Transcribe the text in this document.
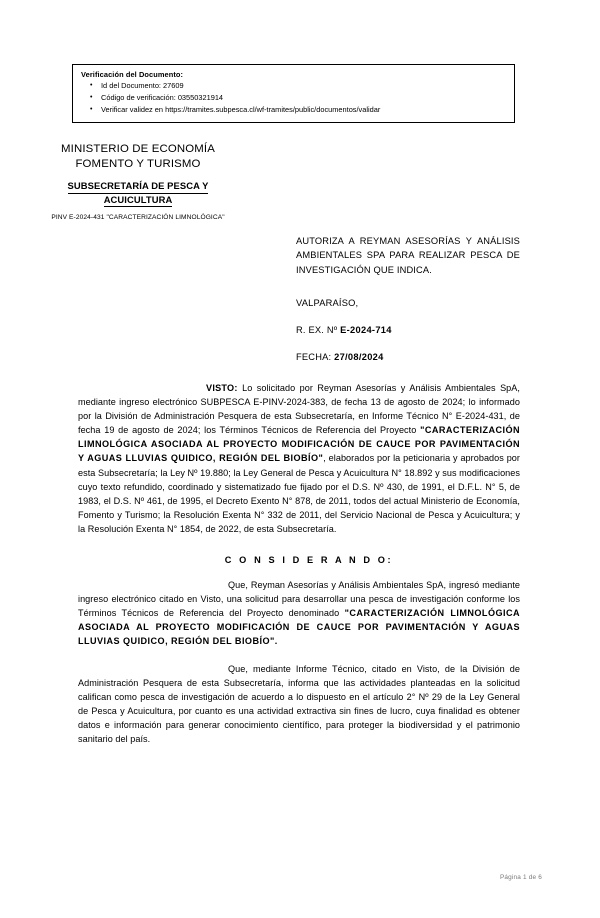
Verificación del Documento:
• Id del Documento: 27609
• Código de verificación: 03550321914
• Verificar validez en https://tramites.subpesca.cl/wf-tramites/public/documentos/validar
MINISTERIO DE ECONOMÍA
FOMENTO Y TURISMO
SUBSECRETARÍA DE PESCA Y
ACUICULTURA
PINV E-2024-431 "CARACTERIZACIÓN LIMNOLÓGICA"
AUTORIZA A REYMAN ASESORÍAS Y ANÁLISIS AMBIENTALES SPA PARA REALIZAR PESCA DE INVESTIGACIÓN QUE INDICA.
VALPARAÍSO,
R. EX. Nº E-2024-714
FECHA: 27/08/2024

VISTO: Lo solicitado por Reyman Asesorías y Análisis Ambientales SpA, mediante ingreso electrónico SUBPESCA E-PINV-2024-383, de fecha 13 de agosto de 2024; lo informado por la División de Administración Pesquera de esta Subsecretaría, en Informe Técnico N° E-2024-431, de fecha 19 de agosto de 2024; los Términos Técnicos de Referencia del Proyecto "CARACTERIZACIÓN LIMNOLÓGICA ASOCIADA AL PROYECTO MODIFICACIÓN DE CAUCE POR PAVIMENTACIÓN Y AGUAS LLUVIAS QUIDICO, REGIÓN DEL BIOBÍO", elaborados por la peticionaria y aprobados por esta Subsecretaría; la Ley Nº 19.880; la Ley General de Pesca y Acuicultura N° 18.892 y sus modificaciones cuyo texto refundido, coordinado y sistematizado fue fijado por el D.S. Nº 430, de 1991, el D.F.L. N° 5, de 1983, el D.S. Nº 461, de 1995, el Decreto Exento N° 878, de 2011, todos del actual Ministerio de Economía, Fomento y Turismo; la Resolución Exenta N° 332 de 2011, del Servicio Nacional de Pesca y Acuicultura; y la Resolución Exenta N° 1854, de 2022, de esta Subsecretaría.

C O N S I D E R A N D O:

Que, Reyman Asesorías y Análisis Ambientales SpA, ingresó mediante ingreso electrónico citado en Visto, una solicitud para desarrollar una pesca de investigación conforme los Términos Técnicos de Referencia del Proyecto denominado "CARACTERIZACIÓN LIMNOLÓGICA ASOCIADA AL PROYECTO MODIFICACIÓN DE CAUCE POR PAVIMENTACIÓN Y AGUAS LLUVIAS QUIDICO, REGIÓN DEL BIOBÍO".

Que, mediante Informe Técnico, citado en Visto, de la División de Administración Pesquera de esta Subsecretaría, informa que las actividades planteadas en la solicitud califican como pesca de investigación de acuerdo a lo dispuesto en el artículo 2° Nº 29 de la Ley General de Pesca y Acuicultura, por cuanto es una actividad extractiva sin fines de lucro, cuya finalidad es obtener datos e información para generar conocimiento científico, para proteger la biodiversidad y el patrimonio sanitario del país.

Página 1 de 6
